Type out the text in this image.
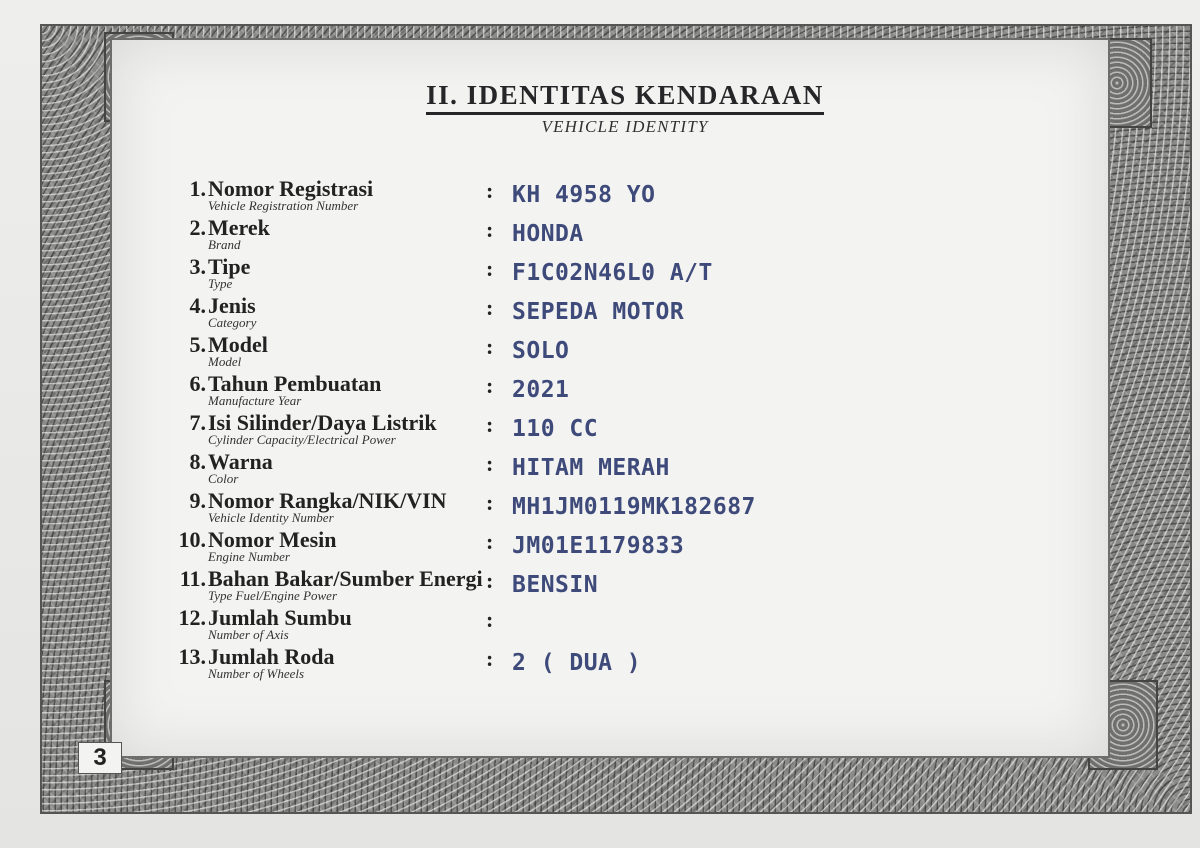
II. IDENTITAS KENDARAAN
VEHICLE IDENTITY
1. Nomor Registrasi
Vehicle Registration Number
: KH 4958 YO
2. Merek
Brand
: HONDA
3. Tipe
Type
: F1C02N46L0 A/T
4. Jenis
Category
: SEPEDA MOTOR
5. Model
Model
: SOLO
6. Tahun Pembuatan
Manufacture Year
: 2021
7. Isi Silinder/Daya Listrik
Cylinder Capacity/Electrical Power
: 110 CC
8. Warna
Color
: HITAM MERAH
9. Nomor Rangka/NIK/VIN
Vehicle Identity Number
: MH1JM0119MK182687
10. Nomor Mesin
Engine Number
: JM01E1179833
11. Bahan Bakar/Sumber Energi
Type Fuel/Engine Power
: BENSIN
12. Jumlah Sumbu
Number of Axis
:
13. Jumlah Roda
Number of Wheels
: 2 ( DUA )
3
